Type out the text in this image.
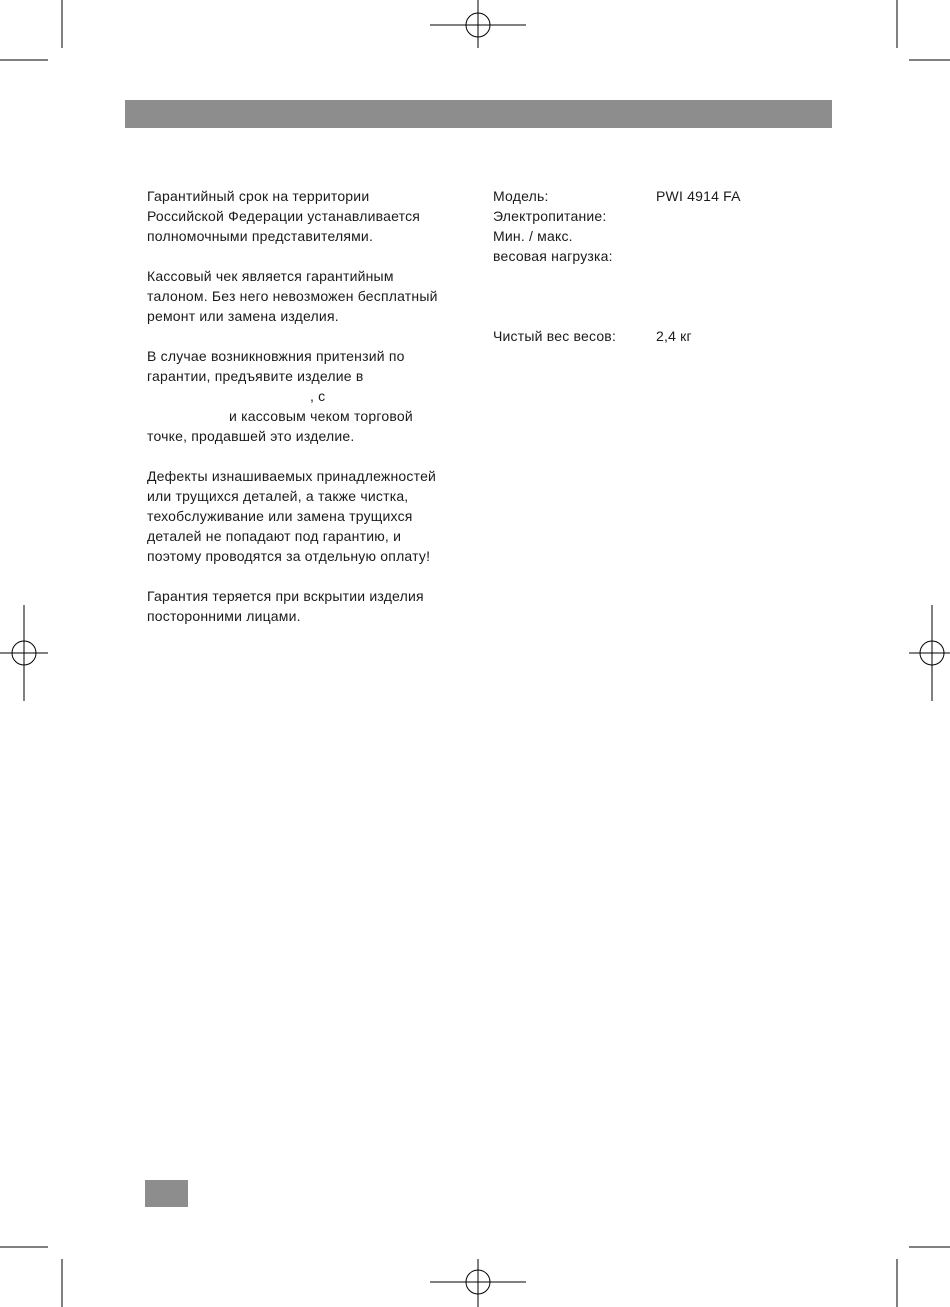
Гарантийный срок на территории
Российской Федерации устанавливается
полномочными представителями.

Кассовый чек является гарантийным
талоном. Без него невозможен бесплатный
ремонт или замена изделия.

В случае возникновжния притензий по
гарантии, предъявите изделие в
, с
и кассовым чеком торговой
точке, продавшей это изделие.

Дефекты изнашиваемых принадлежностей
или трущихся деталей, а также чистка,
техобслуживание или замена трущихся
деталей не попадают под гарантию, и
поэтому проводятся за отдельную оплату!

Гарантия теряется при вскрытии изделия
посторонними лицами.

Модель:	PWI 4914 FA
Электропитание:
Мин. / макс.
весовая нагрузка:
Чистый вес весов:	2,4 кг
